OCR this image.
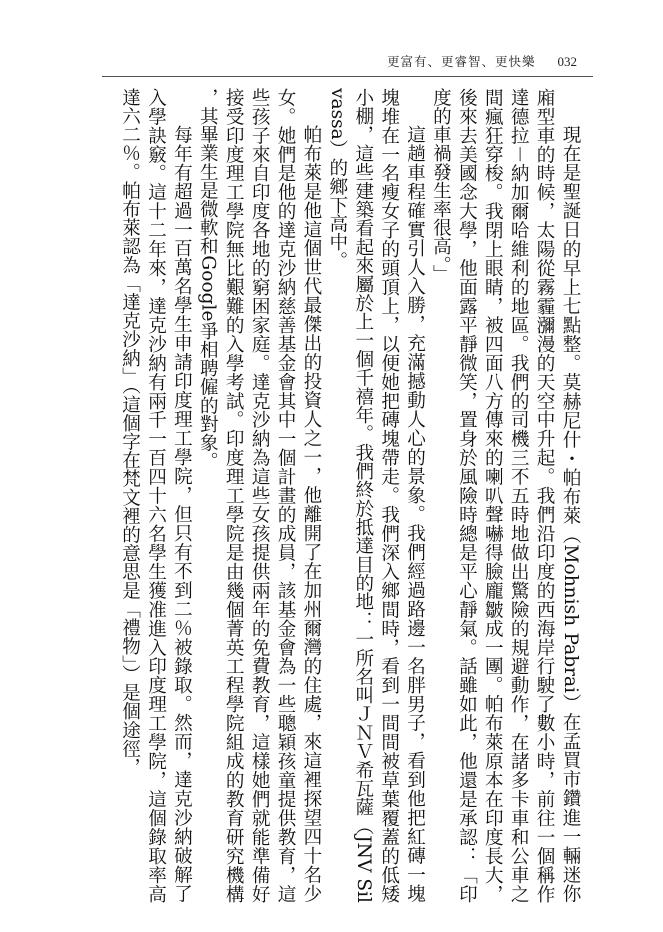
更富有、更睿智、更快樂 032

現在是聖誕日的早上七點整。莫赫尼什・帕布萊（Mohnish Pabrai）在孟買市鑽進一輛迷你廂型車的時候，太陽從霧霾瀰漫的天空中升起。我們沿印度的西海岸行駛了數小時，前往一個稱作達德拉－納加爾哈維利的地區。我們的司機三不五時地做出驚險的規避動作，在諸多卡車和公車之間瘋狂穿梭。我閉上眼睛，被四面八方傳來的喇叭聲嚇得臉龐皺成一團。帕布萊原本在印度長大，後來去美國念大學，他面露平靜微笑，置身於風險時總是平心靜氣。話雖如此，他還是承認：「印度的車禍發生率很高。」

這趟車程確實引人入勝，充滿撼動人心的景象。我們經過路邊一名胖男子，看到他把紅磚一塊塊堆在一名瘦女子的頭頂上，以便她把磚塊帶走。我們深入鄉間時，看到一間間被草葉覆蓋的低矮小棚，這些建築看起來屬於上一個千禧年。我們終於抵達目的地：一所名叫ＪＮＶ希瓦薩（JNV Silvassa）的鄉下高中。

帕布萊是他這個世代最傑出的投資人之一，他離開了在加州爾灣的住處，來這裡探望四十名少女。她們是他的達克沙納慈善基金會其中一個計畫的成員，該基金會為一些聰穎孩童提供教育，這些孩子來自印度各地的窮困家庭。達克沙納為這些女孩提供兩年的免費教育，這樣她們就能準備好接受印度理工學院無比艱難的入學考試。印度理工學院是由幾個菁英工程學院組成的教育研究機構，其畢業生是微軟和Google爭相聘僱的對象。

每年有超過一百萬名學生申請印度理工學院，但只有不到二％被錄取。然而，達克沙納破解了入學訣竅。這十二年來，達克沙納有兩千一百四十六名學生獲准進入印度理工學院，這個錄取率高達六二％。帕布萊認為「達克沙納」（這個字在梵文裡的意思是「禮物」）是個途徑，
